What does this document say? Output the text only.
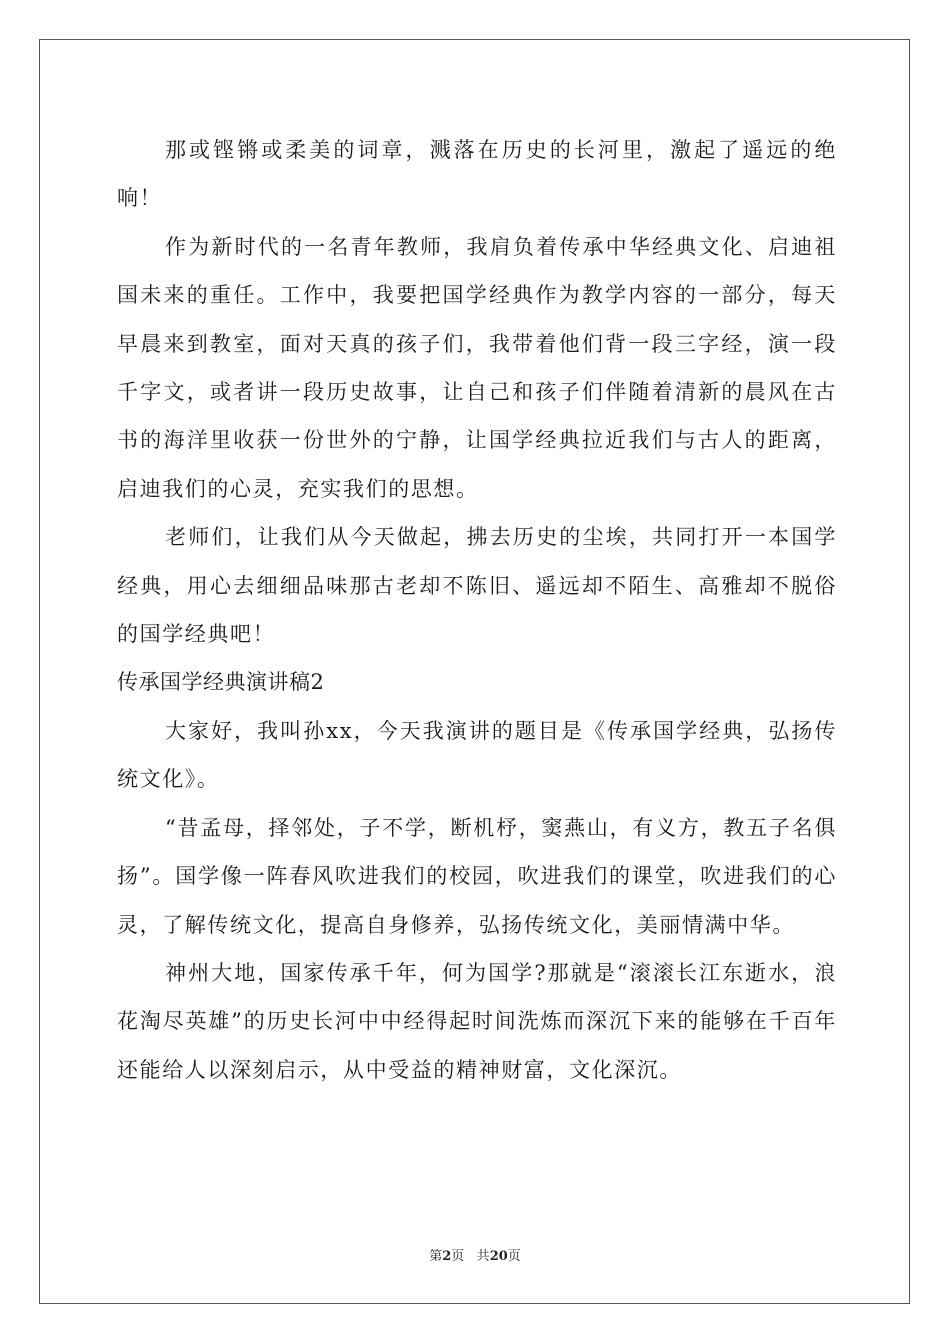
那或铿锵或柔美的词章，溅落在历史的长河里，激起了遥远的绝响！

作为新时代的一名青年教师，我肩负着传承中华经典文化、启迪祖国未来的重任。工作中，我要把国学经典作为教学内容的一部分，每天早晨来到教室，面对天真的孩子们，我带着他们背一段三字经，演一段千字文，或者讲一段历史故事，让自己和孩子们伴随着清新的晨风在古书的海洋里收获一份世外的宁静，让国学经典拉近我们与古人的距离，启迪我们的心灵，充实我们的思想。

老师们，让我们从今天做起，拂去历史的尘埃，共同打开一本国学经典，用心去细细品味那古老却不陈旧、遥远却不陌生、高雅却不脱俗的国学经典吧！

传承国学经典演讲稿2

大家好，我叫孙xx，今天我演讲的题目是《传承国学经典，弘扬传统文化》。

“昔孟母，择邻处，子不学，断机杼，窦燕山，有义方，教五子名俱扬”。国学像一阵春风吹进我们的校园，吹进我们的课堂，吹进我们的心灵，了解传统文化，提高自身修养，弘扬传统文化，美丽情满中华。

神州大地，国家传承千年，何为国学?那就是“滚滚长江东逝水，浪花淘尽英雄”的历史长河中中经得起时间洗炼而深沉下来的能够在千百年还能给人以深刻启示，从中受益的精神财富，文化深沉。

第2页 共20页
